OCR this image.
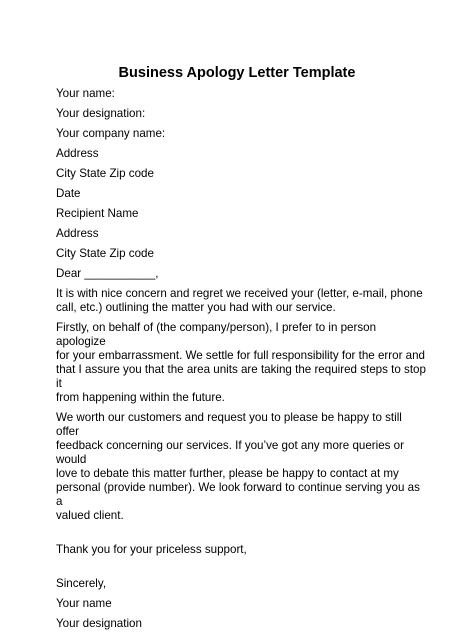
Business Apology Letter Template

Your name:

Your designation:

Your company name:

Address

City State Zip code

Date

Recipient Name

Address

City State Zip code

Dear ___________,

It is with nice concern and regret we received your (letter, e-mail, phone
call, etc.) outlining the matter you had with our service.

Firstly, on behalf of (the company/person), I prefer to in person apologize
for your embarrassment. We settle for full responsibility for the error and
that I assure you that the area units are taking the required steps to stop it
from happening within the future.

We worth our customers and request you to please be happy to still offer
feedback concerning our services. If you’ve got any more queries or would
love to debate this matter further, please be happy to contact at my
personal (provide number). We look forward to continue serving you as a
valued client.

Thank you for your priceless support,

Sincerely,

Your name

Your designation
